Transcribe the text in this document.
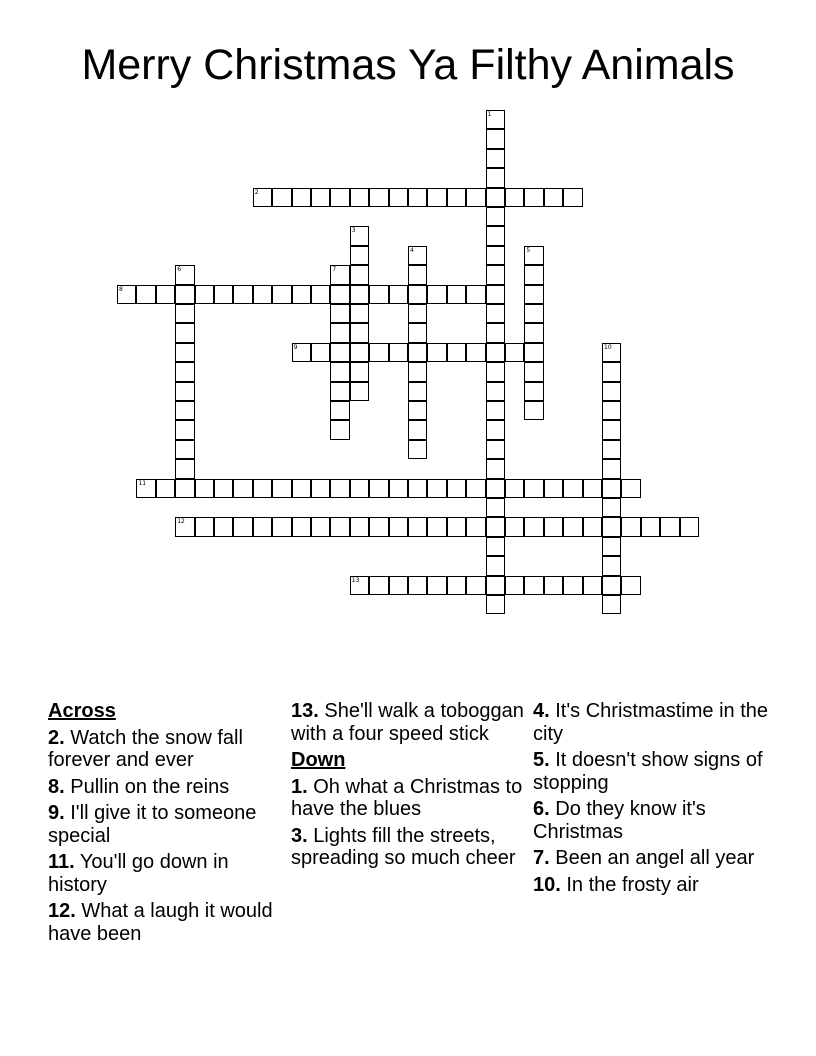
Merry Christmas Ya Filthy Animals
1
2
3
4	5
6	7
8
9	10
11
12
13
Across
2. Watch the snow fall forever and ever
8. Pullin on the reins
9. I'll give it to someone special
11. You'll go down in history
12. What a laugh it would have been
13. She'll walk a toboggan with a four speed stick
Down
1. Oh what a Christmas to have the blues
3. Lights fill the streets, spreading so much cheer
4. It's Christmastime in the city
5. It doesn't show signs of stopping
6. Do they know it's Christmas
7. Been an angel all year
10. In the frosty air
